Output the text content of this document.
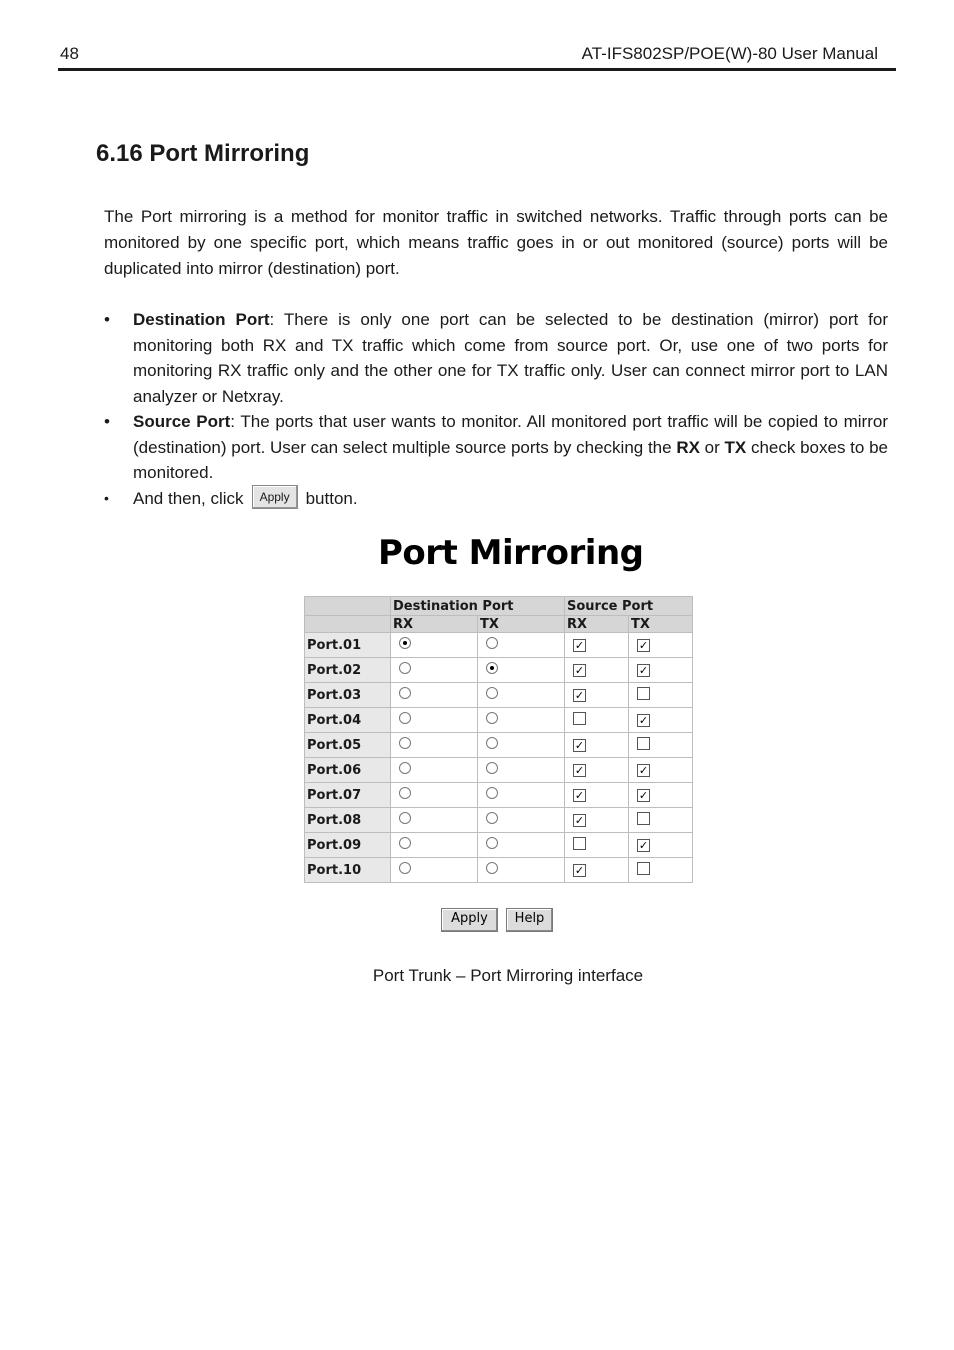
48	AT-IFS802SP/POE(W)-80 User Manual
6.16 Port Mirroring

The Port mirroring is a method for monitor traffic in switched networks. Traffic through ports can be monitored by one specific port, which means traffic goes in or out monitored (source) ports will be duplicated into mirror (destination) port.

• Destination Port: There is only one port can be selected to be destination (mirror) port for monitoring both RX and TX traffic which come from source port. Or, use one of two ports for monitoring RX traffic only and the other one for TX traffic only. User can connect mirror port to LAN analyzer or Netxray.
• Source Port: The ports that user wants to monitor. All monitored port traffic will be copied to mirror (destination) port. User can select multiple source ports by checking the RX or TX check boxes to be monitored.
• And then, click Apply button.
Port Mirroring
	Destination Port		Source Port	
	RX	TX	RX	TX
Port.01			✓	✓
Port.02			✓	✓
Port.03			✓	
Port.04				✓
Port.05			✓	
Port.06			✓	✓
Port.07			✓	✓
Port.08			✓	
Port.09				✓
Port.10			✓	
Apply	Help
Port Trunk – Port Mirroring interface
